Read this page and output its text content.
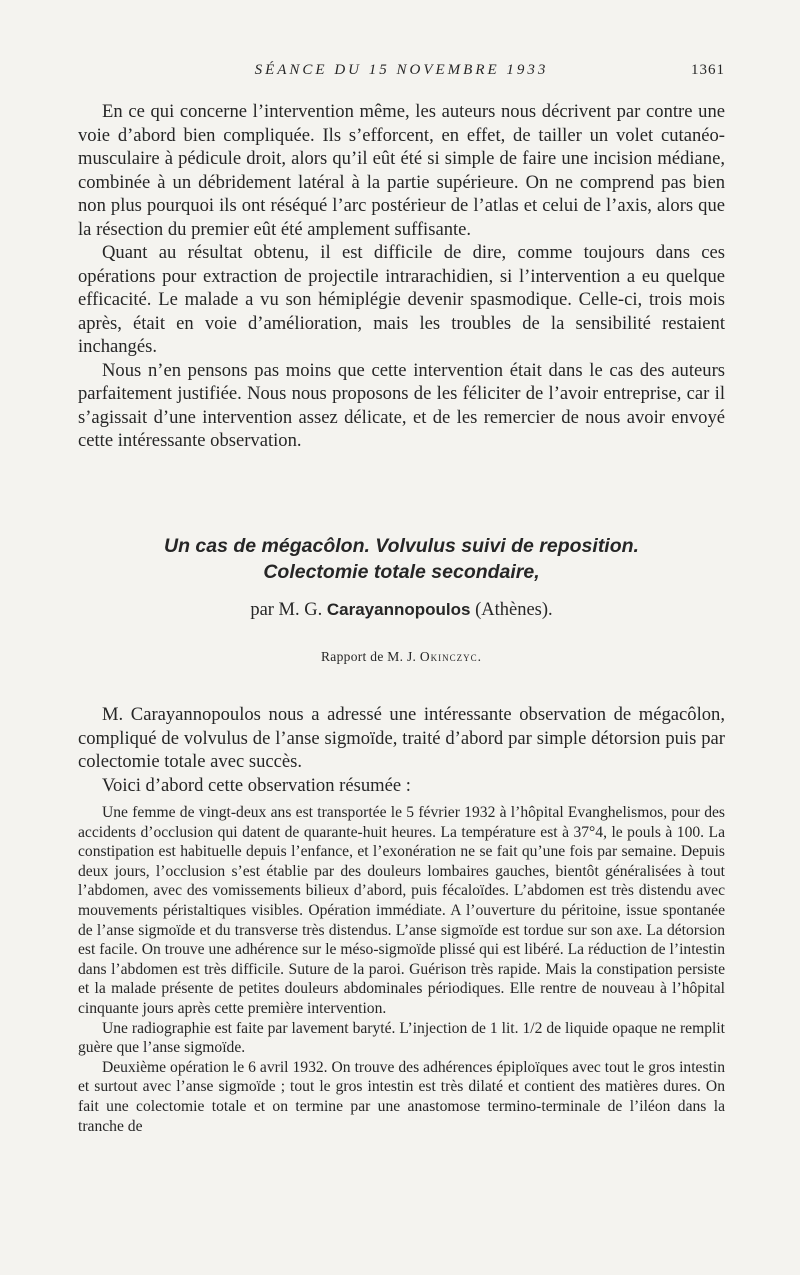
SÉANCE DU 15 NOVEMBRE 1933	1361

En ce qui concerne l’intervention même, les auteurs nous décrivent par contre une voie d’abord bien compliquée. Ils s’efforcent, en effet, de tailler un volet cutanéo-musculaire à pédicule droit, alors qu’il eût été si simple de faire une incision médiane, combinée à un débridement latéral à la partie supérieure. On ne comprend pas bien non plus pourquoi ils ont réséqué l’arc postérieur de l’atlas et celui de l’axis, alors que la résection du premier eût été amplement suffisante.

Quant au résultat obtenu, il est difficile de dire, comme toujours dans ces opérations pour extraction de projectile intrarachidien, si l’intervention a eu quelque efficacité. Le malade a vu son hémiplégie devenir spasmodique. Celle-ci, trois mois après, était en voie d’amélioration, mais les troubles de la sensibilité restaient inchangés.

Nous n’en pensons pas moins que cette intervention était dans le cas des auteurs parfaitement justifiée. Nous nous proposons de les féliciter de l’avoir entreprise, car il s’agissait d’une intervention assez délicate, et de les remercier de nous avoir envoyé cette intéressante observation.

Un cas de mégacôlon. Volvulus suivi de reposition.
Colectomie totale secondaire,
par M. G. Carayannopoulos (Athènes).
Rapport de M. J. Okinczyc.

M. Carayannopoulos nous a adressé une intéressante observation de mégacôlon, compliqué de volvulus de l’anse sigmoïde, traité d’abord par simple détorsion puis par colectomie totale avec succès.

Voici d’abord cette observation résumée :

Une femme de vingt-deux ans est transportée le 5 février 1932 à l’hôpital Evanghelismos, pour des accidents d’occlusion qui datent de quarante-huit heures. La température est à 37°4, le pouls à 100. La constipation est habituelle depuis l’enfance, et l’exonération ne se fait qu’une fois par semaine. Depuis deux jours, l’occlusion s’est établie par des douleurs lombaires gauches, bientôt généralisées à tout l’abdomen, avec des vomissements bilieux d’abord, puis fécaloïdes. L’abdomen est très distendu avec mouvements péristaltiques visibles. Opération immédiate. A l’ouverture du péritoine, issue spontanée de l’anse sigmoïde et du transverse très distendus. L’anse sigmoïde est tordue sur son axe. La détorsion est facile. On trouve une adhérence sur le méso-sigmoïde plissé qui est libéré. La réduction de l’intestin dans l’abdomen est très difficile. Suture de la paroi. Guérison très rapide. Mais la constipation persiste et la malade présente de petites douleurs abdominales périodiques. Elle rentre de nouveau à l’hôpital cinquante jours après cette première intervention.

Une radiographie est faite par lavement baryté. L’injection de 1 lit. 1/2 de liquide opaque ne remplit guère que l’anse sigmoïde.

Deuxième opération le 6 avril 1932. On trouve des adhérences épiploïques avec tout le gros intestin et surtout avec l’anse sigmoïde ; tout le gros intestin est très dilaté et contient des matières dures. On fait une colectomie totale et on termine par une anastomose termino-terminale de l’iléon dans la tranche de
